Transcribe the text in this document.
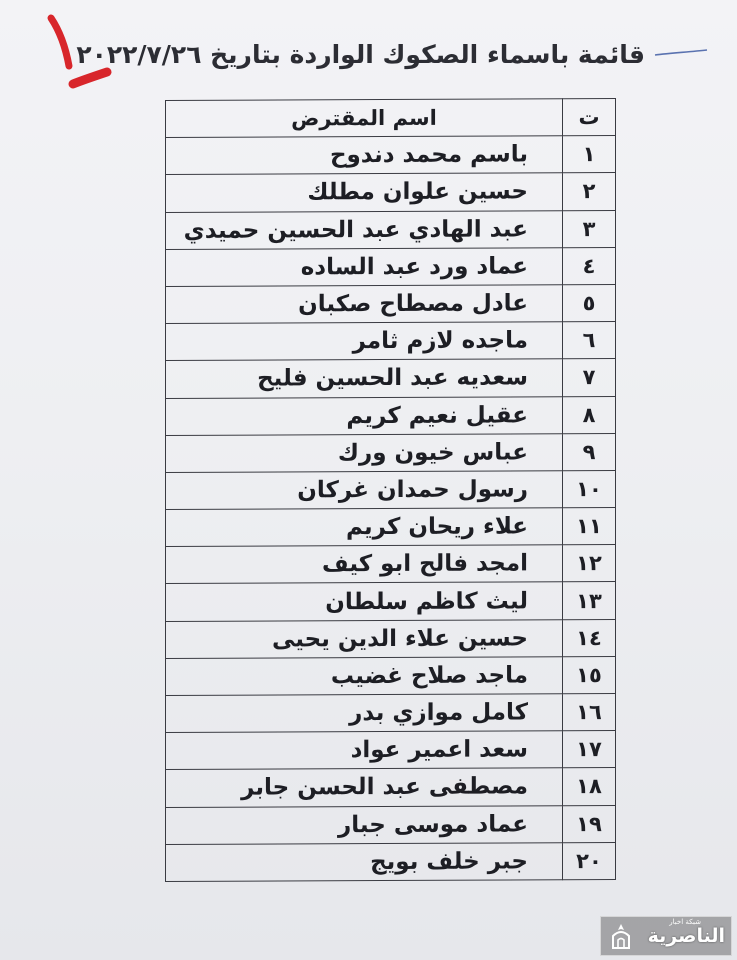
قائمة باسماء الصكوك الواردة بتاريخ ٢٠٢٢/٧/٢٦
ت	اسم المقترض
١	باسم محمد دندوح
٢	حسين علوان مطلك
٣	عبد الهادي عبد الحسين حميدي
٤	عماد ورد عبد الساده
٥	عادل مصطاح صكبان
٦	ماجده لازم ثامر
٧	سعديه عبد الحسين فليح
٨	عقيل نعيم كريم
٩	عباس خيون ورك
١٠	رسول حمدان غركان
١١	علاء ريحان كريم
١٢	امجد فالح ابو كيف
١٣	ليث كاظم سلطان
١٤	حسين علاء الدين يحيى
١٥	ماجد صلاح غضيب
١٦	كامل موازي بدر
١٧	سعد اعمير عواد
١٨	مصطفى عبد الحسن جابر
١٩	عماد موسى جبار
٢٠	جبر خلف بويج
شبكة اخبار
الناصرية
